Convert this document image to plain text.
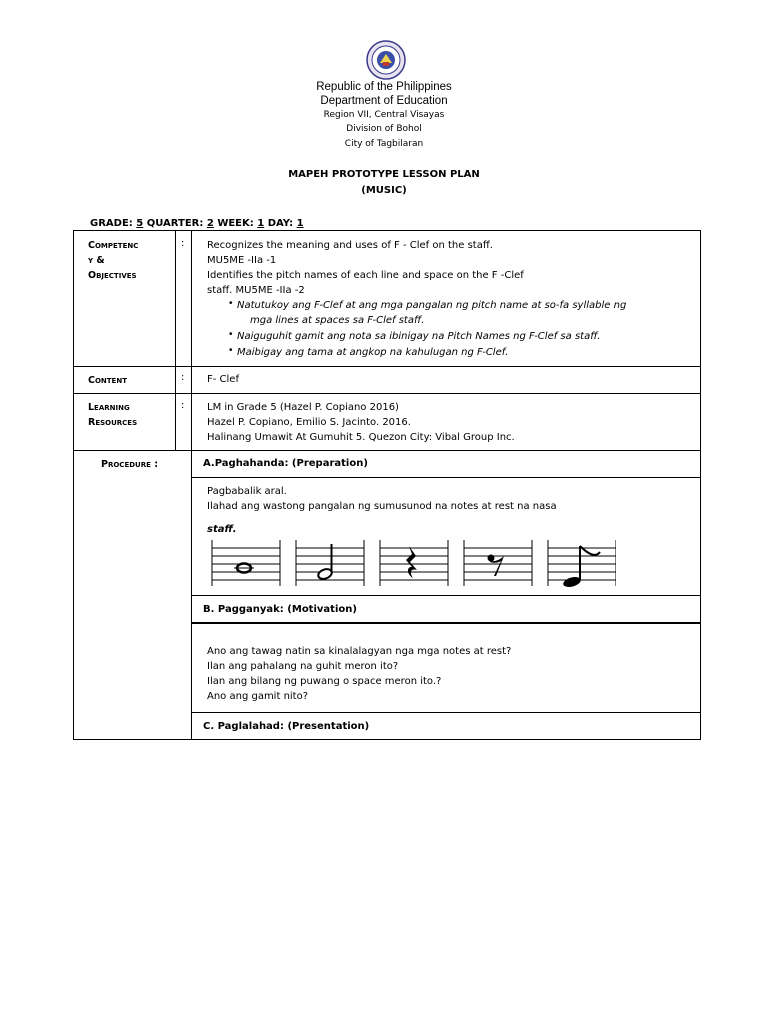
Republic of the Philippines
Department of Education
Region VII, Central Visayas
Division of Bohol
City of Tagbilaran
MAPEH PROTOTYPE LESSON PLAN
(MUSIC)
GRADE: 5 QUARTER: 2 WEEK: 1 DAY: 1
Competenc
y &
Objectives
: Recognizes the meaning and uses of F - Clef on the staff.
MU5ME -IIa -1
Identifies the pitch names of each line and space on the F -Clef
staff. MU5ME -IIa -2
• Natutukoy ang F-Clef at ang mga pangalan ng pitch name at so-fa syllable ng
mga lines at spaces sa F-Clef staff.
• Naiguguhit gamit ang nota sa ibinigay na Pitch Names ng F-Clef sa staff.
• Maibigay ang tama at angkop na kahulugan ng F-Clef.
Content	: F- Clef
Learning
Resources
: LM in Grade 5 (Hazel P. Copiano 2016)
Hazel P. Copiano, Emilio S. Jacinto. 2016.
Halinang Umawit At Gumuhit 5. Quezon City: Vibal Group Inc.
Procedure :	A.Paghahanda: (Preparation)
Pagbabalik aral.
Ilahad ang wastong pangalan ng sumusunod na notes at rest na nasa
staff.
B. Pagganyak: (Motivation)
Ano ang tawag natin sa kinalalagyan nga mga notes at rest?
Ilan ang pahalang na guhit meron ito?
Ilan ang bilang ng puwang o space meron ito.?
Ano ang gamit nito?
C. Paglalahad: (Presentation)
